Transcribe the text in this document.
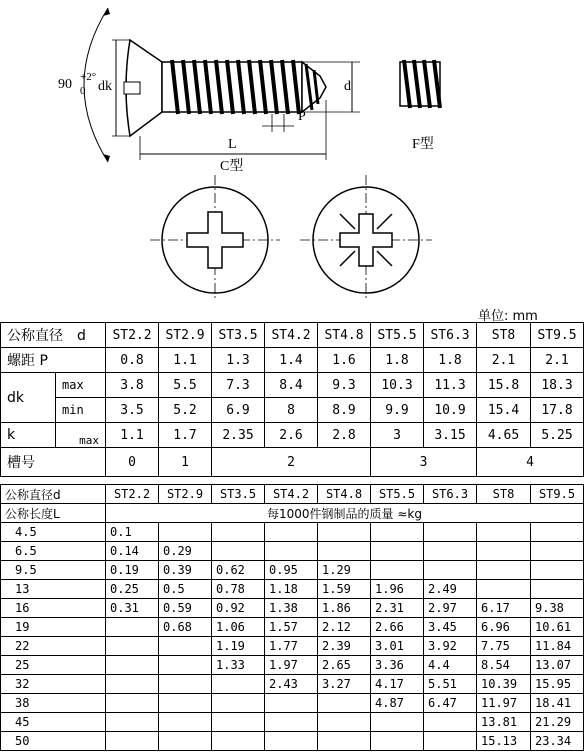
90 +2°
0 dk	d
P
L
C型
F型
单位: mm
公称直径　d		ST2.2	ST2.9	ST3.5	ST4.2	ST4.8	ST5.5	ST6.3	ST8	ST9.5
螺距 P		0.8	1.1	1.3	1.4	1.6	1.8	1.8	2.1	2.1
dk	max	3.8	5.5	7.3	8.4	9.3	10.3	11.3	15.8	18.3
	min	3.5	5.2	6.9	8	8.9	9.9	10.9	15.4	17.8
k	max	1.1	1.7	2.35	2.6	2.8	3	3.15	4.65	5.25
槽号		0	1	2			3		4	
公称直径d	ST2.2	ST2.9	ST3.5	ST4.2	ST4.8	ST5.5	ST6.3	ST8	ST9.5
公称长度L	每1000件钢制品的质量 ≈kg								
4.5	0.1								
6.5	0.14	0.29							
9.5	0.19	0.39	0.62	0.95	1.29				
13	0.25	0.5	0.78	1.18	1.59	1.96	2.49		
16	0.31	0.59	0.92	1.38	1.86	2.31	2.97	6.17	9.38
19		0.68	1.06	1.57	2.12	2.66	3.45	6.96	10.61
22			1.19	1.77	2.39	3.01	3.92	7.75	11.84
25			1.33	1.97	2.65	3.36	4.4	8.54	13.07
32				2.43	3.27	4.17	5.51	10.39	15.95
38						4.87	6.47	11.97	18.41
45								13.81	21.29
50								15.13	23.34
